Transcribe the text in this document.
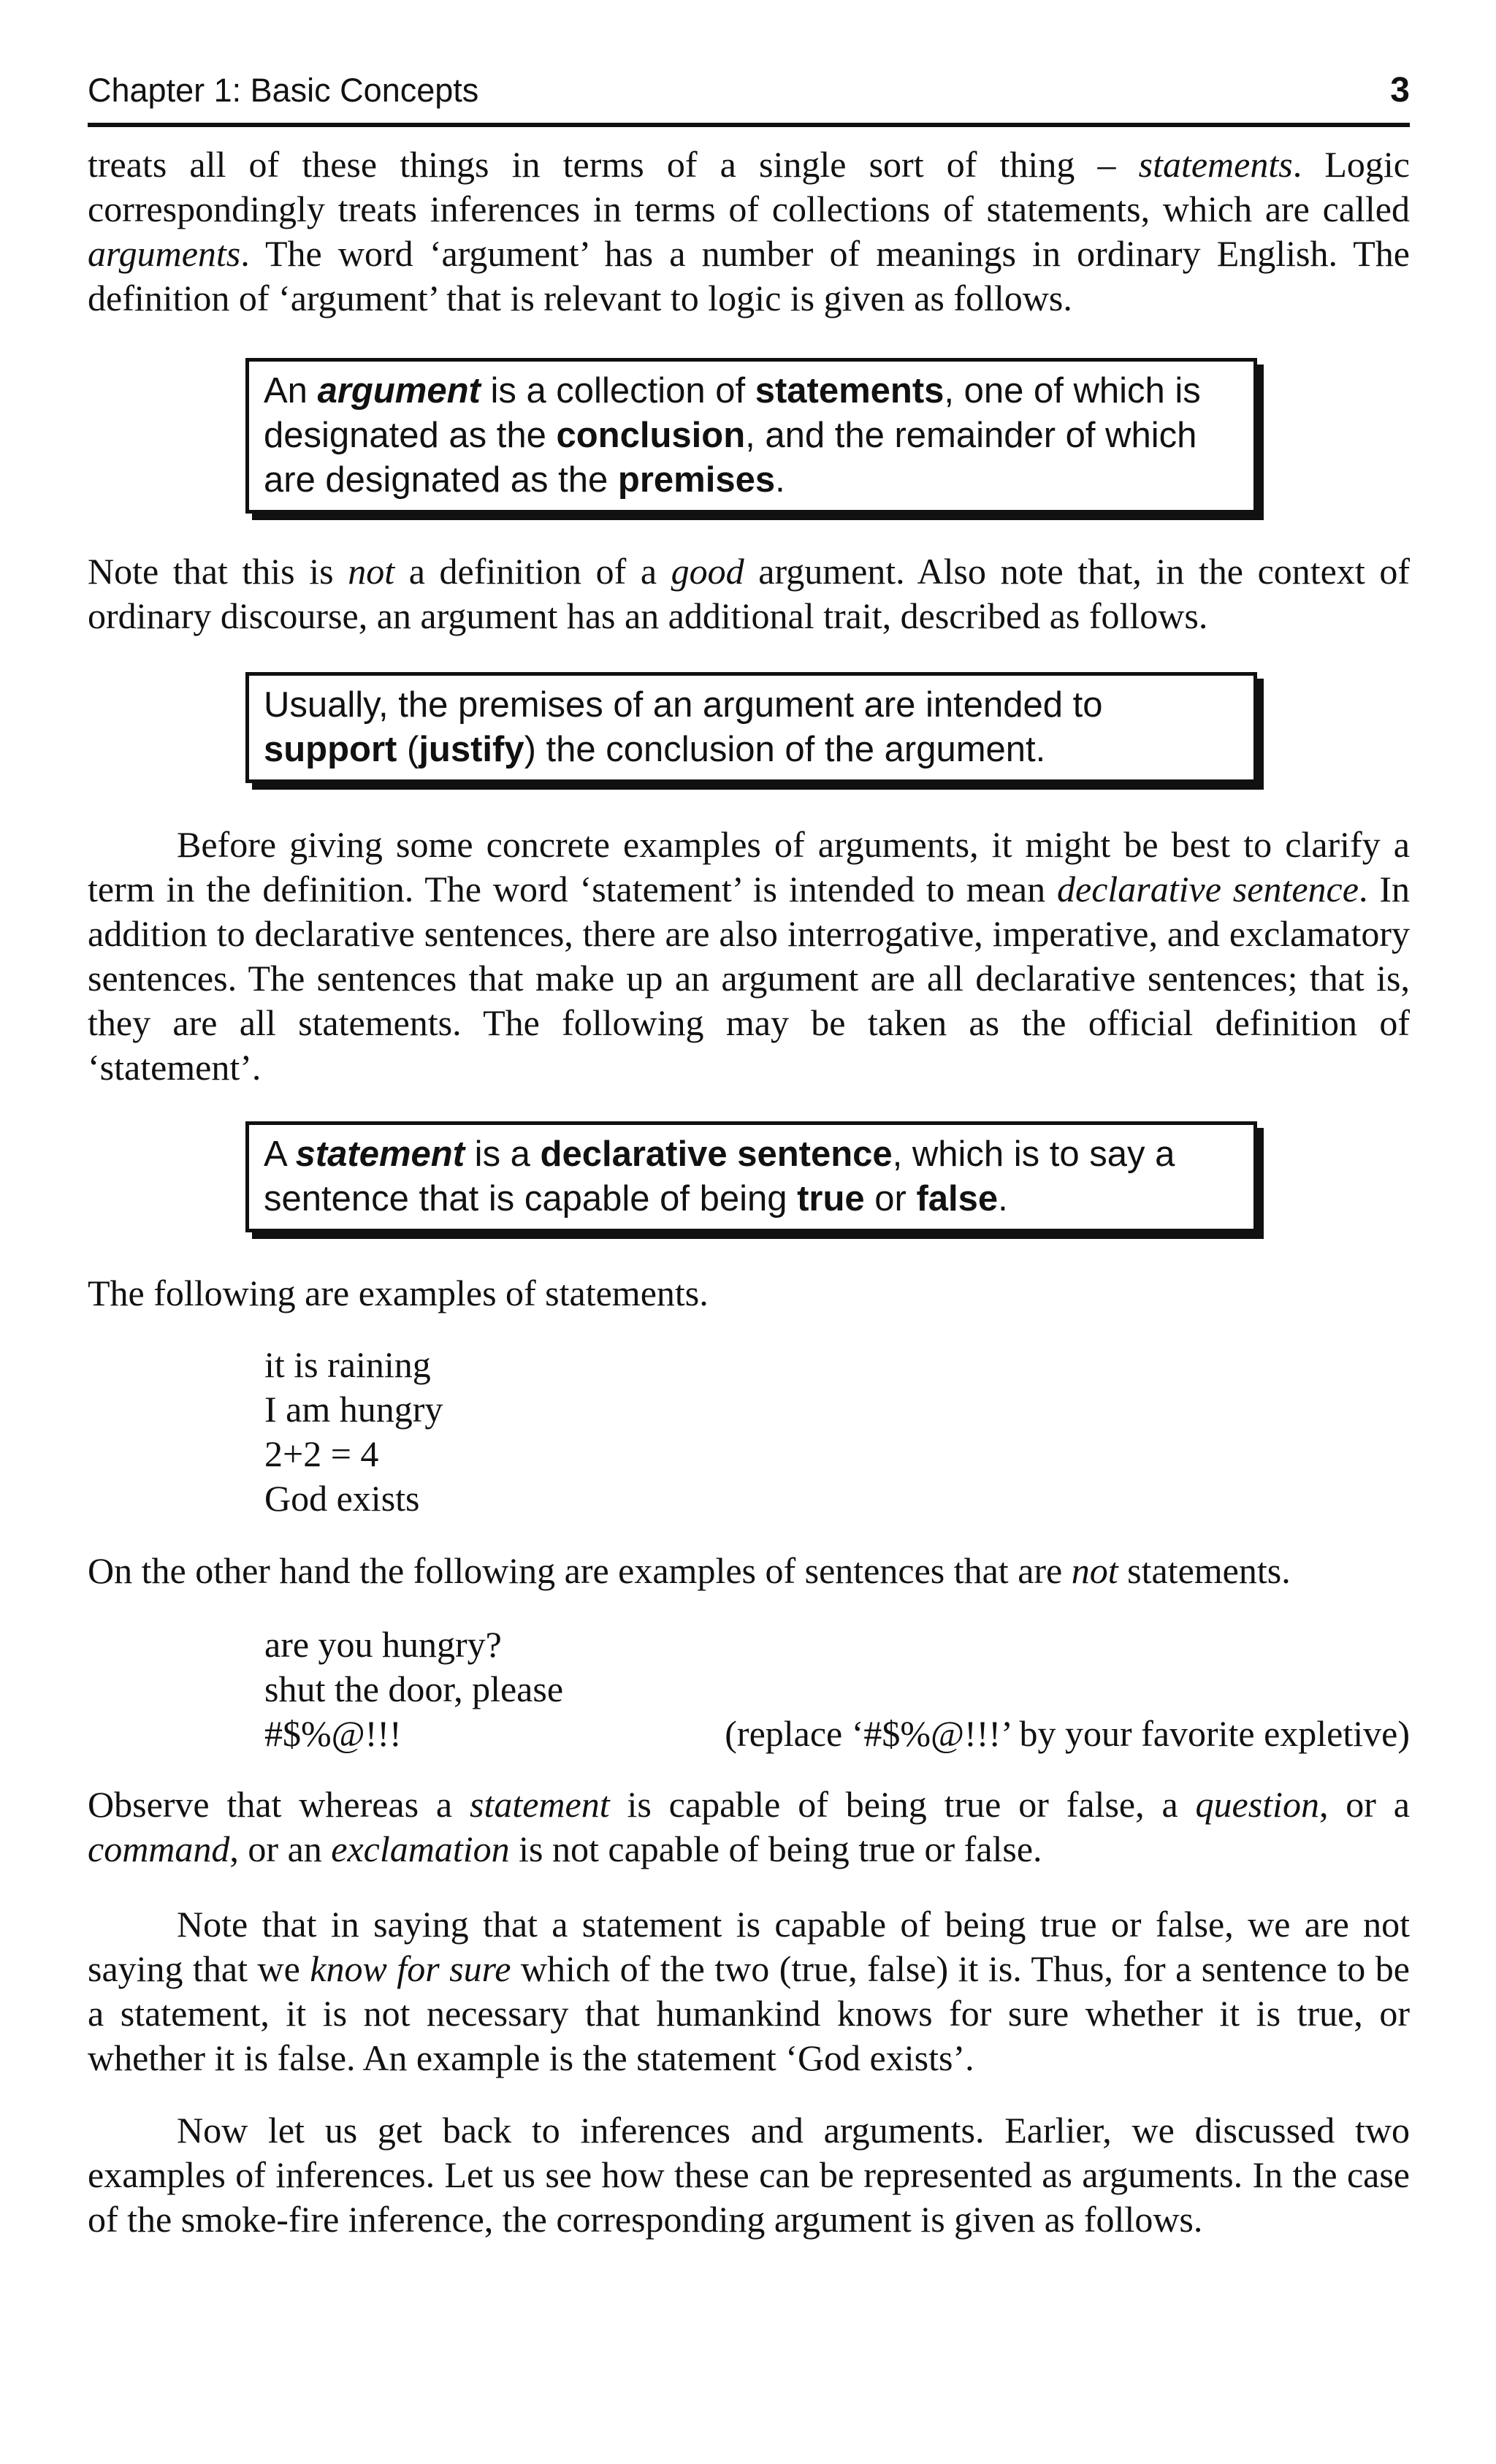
Chapter 1: Basic Concepts	3

treats all of these things in terms of a single sort of thing – statements. Logic correspondingly treats inferences in terms of collections of statements, which are called arguments. The word ‘argument’ has a number of meanings in ordinary English. The definition of ‘argument’ that is relevant to logic is given as follows.

An argument is a collection of statements, one of which is designated as the conclusion, and the remainder of which are designated as the premises.

Note that this is not a definition of a good argument. Also note that, in the context of ordinary discourse, an argument has an additional trait, described as follows.

Usually, the premises of an argument are intended to support (justify) the conclusion of the argument.

Before giving some concrete examples of arguments, it might be best to clarify a term in the definition. The word ‘statement’ is intended to mean declarative sentence. In addition to declarative sentences, there are also interrogative, imperative, and exclamatory sentences. The sentences that make up an argument are all declarative sentences; that is, they are all statements. The following may be taken as the official definition of ‘statement’.

A statement is a declarative sentence, which is to say a sentence that is capable of being true or false.

The following are examples of statements.

it is raining
I am hungry
2+2 = 4
God exists

On the other hand the following are examples of sentences that are not statements.

are you hungry?
shut the door, please
#$%@!!!	(replace ‘#$%@!!!’ by your favorite expletive)

Observe that whereas a statement is capable of being true or false, a question, or a command, or an exclamation is not capable of being true or false.

Note that in saying that a statement is capable of being true or false, we are not saying that we know for sure which of the two (true, false) it is. Thus, for a sentence to be a statement, it is not necessary that humankind knows for sure whether it is true, or whether it is false. An example is the statement ‘God exists’.

Now let us get back to inferences and arguments. Earlier, we discussed two examples of inferences. Let us see how these can be represented as arguments. In the case of the smoke-fire inference, the corresponding argument is given as follows.
